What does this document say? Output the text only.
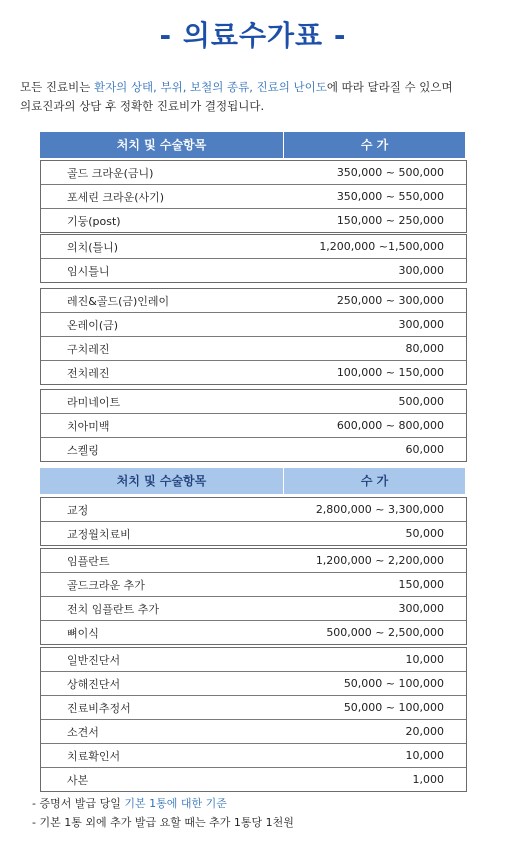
- 의료수가표 -
모든 진료비는 환자의 상태, 부위, 보철의 종류, 진료의 난이도에 따라 달라질 수 있으며
의료진과의 상담 후 정확한 진료비가 결정됩니다.
처치 및 수술항목	수 가
골드 크라운(금니)	350,000 ~ 500,000
포세린 크라운(사기)	350,000 ~ 550,000
기둥(post)	150,000 ~ 250,000
의치(틀니)	1,200,000 ~1,500,000
임시틀니	300,000
레진&골드(금)인레이	250,000 ~ 300,000
온레이(금)	300,000
구치레진	80,000
전치레진	100,000 ~ 150,000
라미네이트	500,000
치아미백	600,000 ~ 800,000
스켈링	60,000
처치 및 수술항목	수 가
교정	2,800,000 ~ 3,300,000
교정월치료비	50,000
임플란트	1,200,000 ~ 2,200,000
골드크라운 추가	150,000
전치 임플란트 추가	300,000
뼈이식	500,000 ~ 2,500,000
일반진단서	10,000
상해진단서	50,000 ~ 100,000
진료비추정서	50,000 ~ 100,000
소견서	20,000
치료확인서	10,000
사본	1,000
- 증명서 발급 당일 기본 1통에 대한 기준
- 기본 1통 외에 추가 발급 요할 때는 추가 1통당 1천원
